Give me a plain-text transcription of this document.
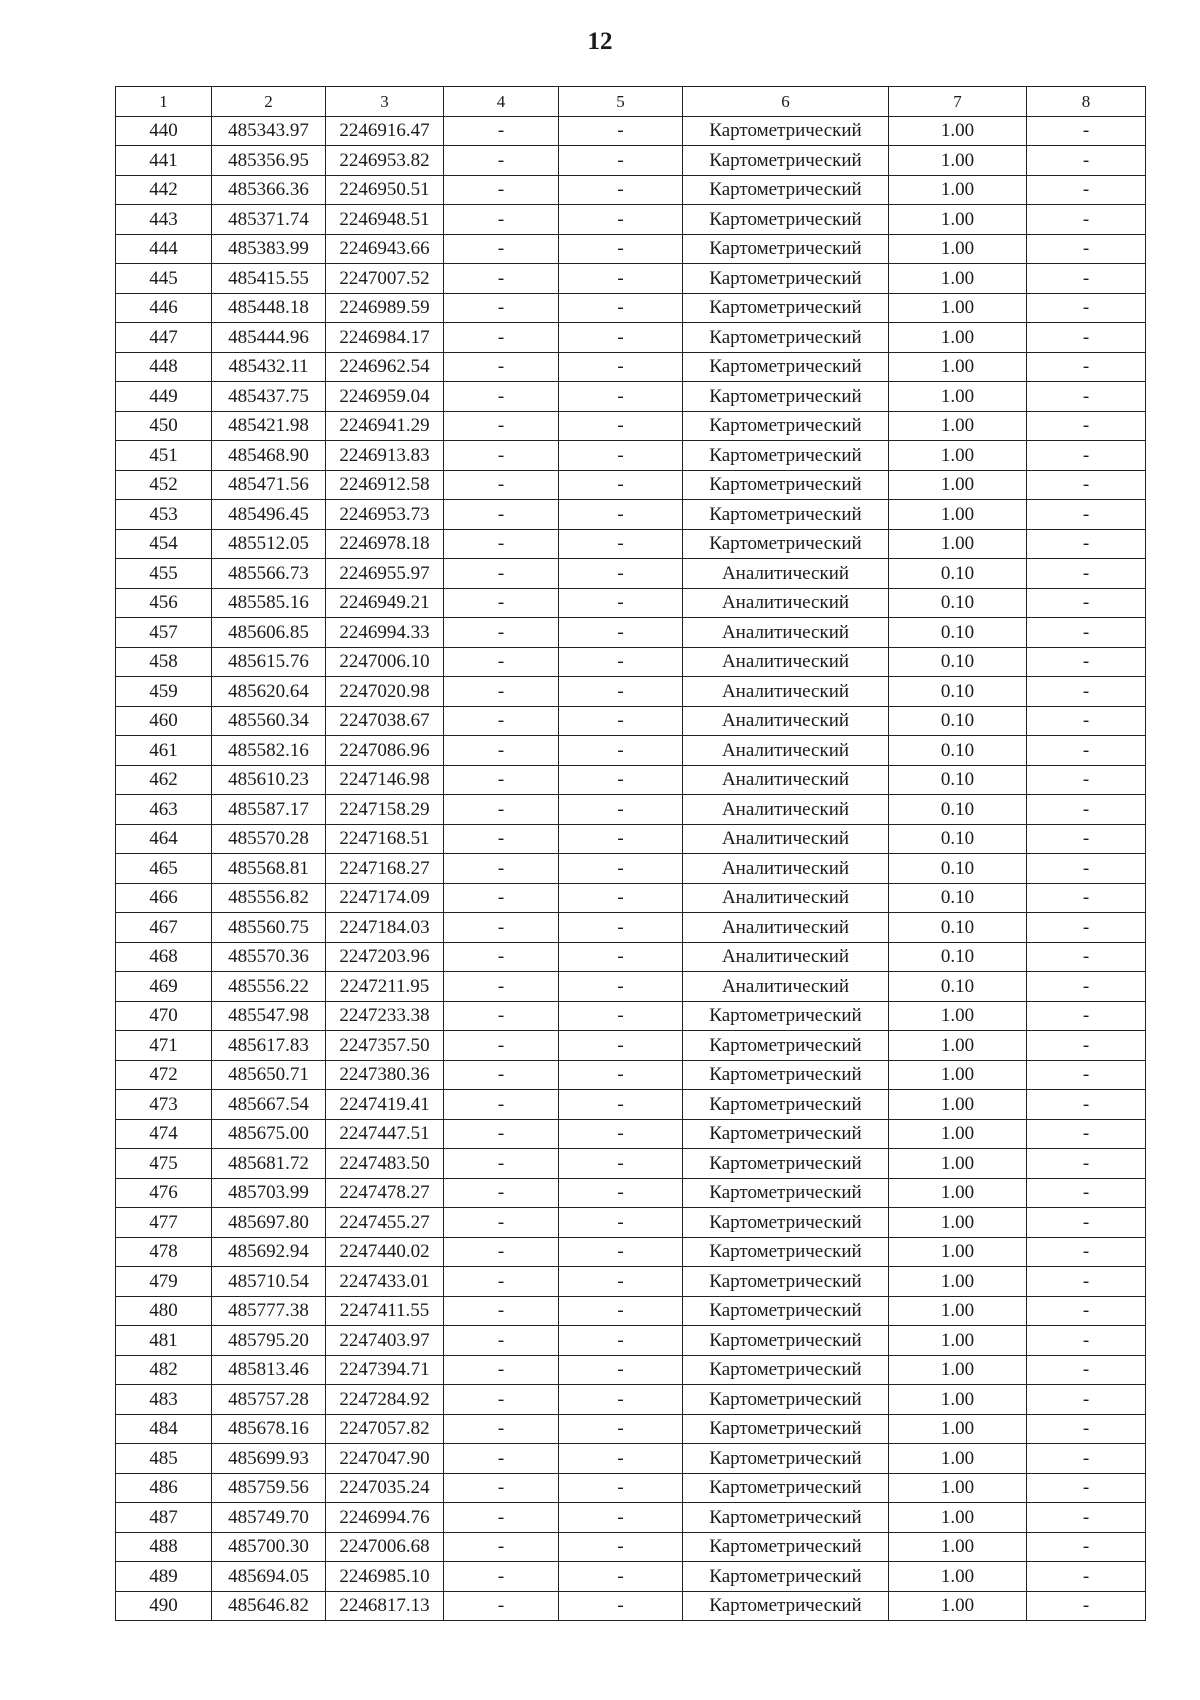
12
1	2	3	4	5	6	7	8
440	485343.97	2246916.47	-	-	Картометрический	1.00	-
441	485356.95	2246953.82	-	-	Картометрический	1.00	-
442	485366.36	2246950.51	-	-	Картометрический	1.00	-
443	485371.74	2246948.51	-	-	Картометрический	1.00	-
444	485383.99	2246943.66	-	-	Картометрический	1.00	-
445	485415.55	2247007.52	-	-	Картометрический	1.00	-
446	485448.18	2246989.59	-	-	Картометрический	1.00	-
447	485444.96	2246984.17	-	-	Картометрический	1.00	-
448	485432.11	2246962.54	-	-	Картометрический	1.00	-
449	485437.75	2246959.04	-	-	Картометрический	1.00	-
450	485421.98	2246941.29	-	-	Картометрический	1.00	-
451	485468.90	2246913.83	-	-	Картометрический	1.00	-
452	485471.56	2246912.58	-	-	Картометрический	1.00	-
453	485496.45	2246953.73	-	-	Картометрический	1.00	-
454	485512.05	2246978.18	-	-	Картометрический	1.00	-
455	485566.73	2246955.97	-	-	Аналитический	0.10	-
456	485585.16	2246949.21	-	-	Аналитический	0.10	-
457	485606.85	2246994.33	-	-	Аналитический	0.10	-
458	485615.76	2247006.10	-	-	Аналитический	0.10	-
459	485620.64	2247020.98	-	-	Аналитический	0.10	-
460	485560.34	2247038.67	-	-	Аналитический	0.10	-
461	485582.16	2247086.96	-	-	Аналитический	0.10	-
462	485610.23	2247146.98	-	-	Аналитический	0.10	-
463	485587.17	2247158.29	-	-	Аналитический	0.10	-
464	485570.28	2247168.51	-	-	Аналитический	0.10	-
465	485568.81	2247168.27	-	-	Аналитический	0.10	-
466	485556.82	2247174.09	-	-	Аналитический	0.10	-
467	485560.75	2247184.03	-	-	Аналитический	0.10	-
468	485570.36	2247203.96	-	-	Аналитический	0.10	-
469	485556.22	2247211.95	-	-	Аналитический	0.10	-
470	485547.98	2247233.38	-	-	Картометрический	1.00	-
471	485617.83	2247357.50	-	-	Картометрический	1.00	-
472	485650.71	2247380.36	-	-	Картометрический	1.00	-
473	485667.54	2247419.41	-	-	Картометрический	1.00	-
474	485675.00	2247447.51	-	-	Картометрический	1.00	-
475	485681.72	2247483.50	-	-	Картометрический	1.00	-
476	485703.99	2247478.27	-	-	Картометрический	1.00	-
477	485697.80	2247455.27	-	-	Картометрический	1.00	-
478	485692.94	2247440.02	-	-	Картометрический	1.00	-
479	485710.54	2247433.01	-	-	Картометрический	1.00	-
480	485777.38	2247411.55	-	-	Картометрический	1.00	-
481	485795.20	2247403.97	-	-	Картометрический	1.00	-
482	485813.46	2247394.71	-	-	Картометрический	1.00	-
483	485757.28	2247284.92	-	-	Картометрический	1.00	-
484	485678.16	2247057.82	-	-	Картометрический	1.00	-
485	485699.93	2247047.90	-	-	Картометрический	1.00	-
486	485759.56	2247035.24	-	-	Картометрический	1.00	-
487	485749.70	2246994.76	-	-	Картометрический	1.00	-
488	485700.30	2247006.68	-	-	Картометрический	1.00	-
489	485694.05	2246985.10	-	-	Картометрический	1.00	-
490	485646.82	2246817.13	-	-	Картометрический	1.00	-
